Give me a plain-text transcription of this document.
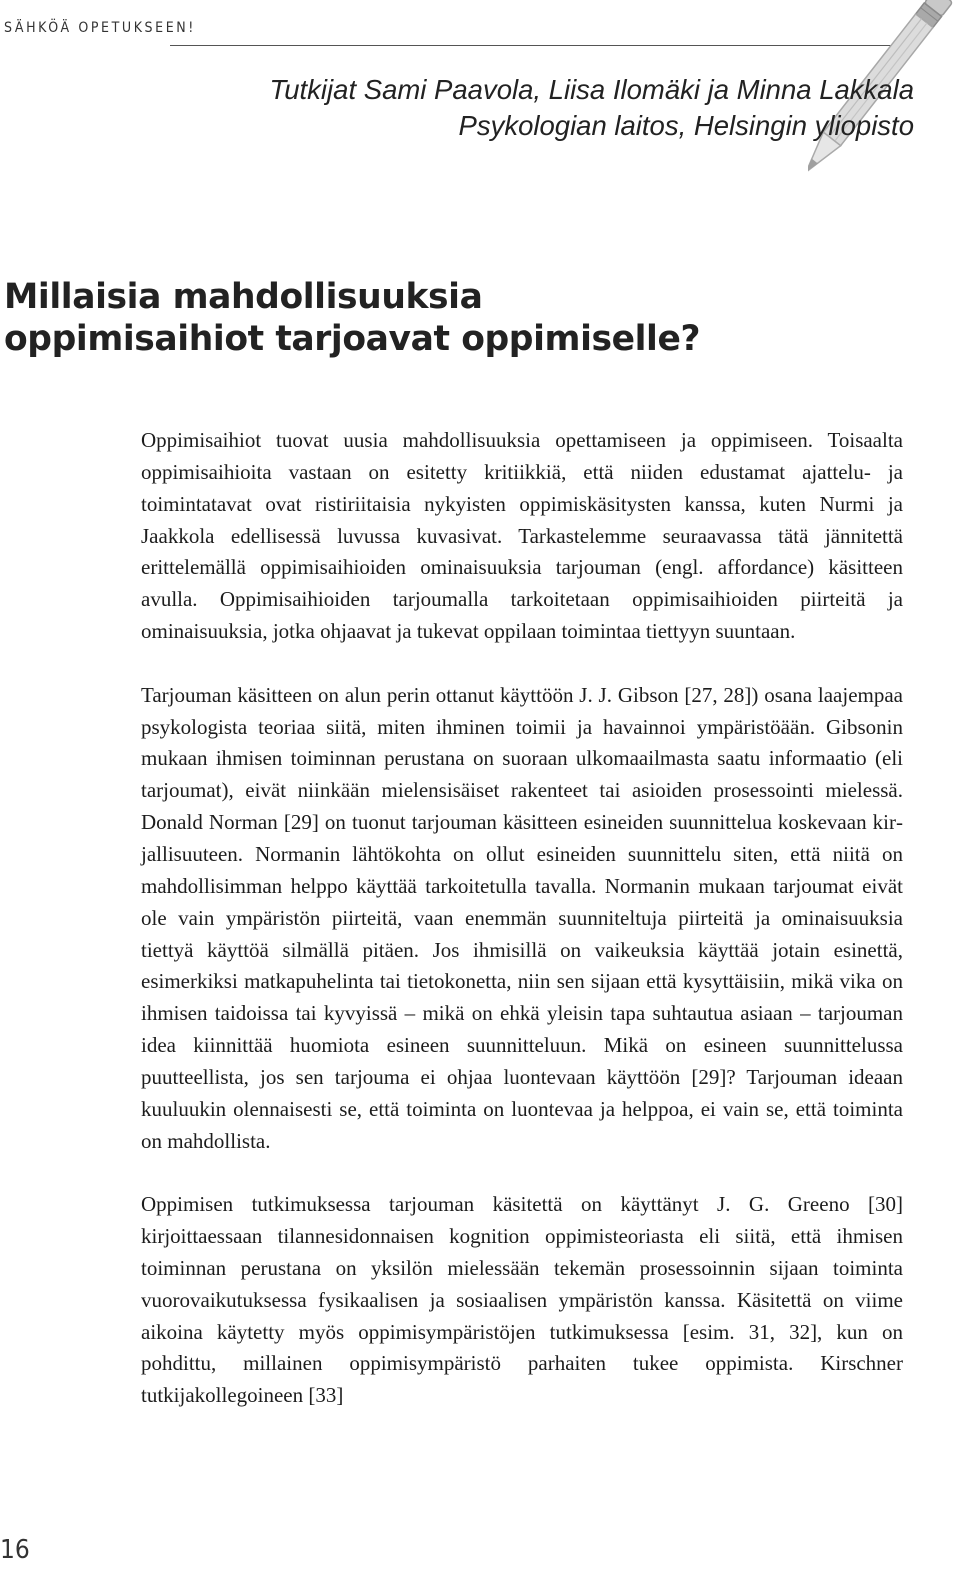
SÄHKÖÄ OPETUKSEEN!
Tutkijat Sami Paavola, Liisa Ilomäki ja Minna Lakkala
Psykologian laitos, Helsingin yliopisto
Millaisia mahdollisuuksia
oppimisaihiot tarjoavat oppimiselle?

Oppimisaihiot tuovat uusia mahdollisuuksia opettamiseen ja oppimiseen. Toisaalta oppimisaihioita vastaan on esitetty kritiikkiä, että niiden edustamat ajattelu- ja toimintatavat ovat ristiriitaisia nykyisten oppimiskäsitysten kanssa, kuten Nurmi ja Jaakkola edellisessä luvussa kuvasivat. Tarkastelemme seuraavassa tätä jännitettä erittelemällä oppimisaihioiden ominaisuuksia tarjouman (engl. affordance) käsitteen avulla. Oppimisaihioiden tarjoumalla tarkoitetaan oppimisaihioiden piirteitä ja ominaisuuksia, jotka ohjaavat ja tukevat oppilaan toimintaa tiettyyn suuntaan.

Tarjouman käsitteen on alun perin ottanut käyttöön J. J. Gibson [27, 28]) osana laajempaa psykologista teoriaa siitä, miten ihminen toimii ja havainnoi ympäristöään. Gibsonin mukaan ihmisen toiminnan perustana on suoraan ulkomaailmasta saatu informaatio (eli tarjoumat), eivät niinkään mielensisäiset rakenteet tai asioiden prosessointi mielessä. Donald Norman [29] on tuonut tarjouman käsitteen esineiden suunnittelua koskevaan kirjallisuuteen. Normanin lähtökohta on ollut esineiden suunnittelu siten, että niitä on mahdollisimman helppo käyttää tarkoitetulla tavalla. Normanin mukaan tarjoumat eivät ole vain ympäristön piirteitä, vaan enemmän suunniteltuja piirteitä ja ominaisuuksia tiettyä käyttöä silmällä pitäen. Jos ihmisillä on vaikeuksia käyttää jotain esinettä, esimerkiksi matkapuhelinta tai tietokonetta, niin sen sijaan että kysyttäisiin, mikä vika on ihmisen taidoissa tai kyvyissä – mikä on ehkä yleisin tapa suhtautua asiaan – tarjouman idea kiinnittää huomiota esineen suunnitteluun. Mikä on esineen suunnittelussa puutteellista, jos sen tarjouma ei ohjaa luontevaan käyttöön [29]? Tarjouman ideaan kuuluukin olennaisesti se, että toiminta on luontevaa ja helppoa, ei vain se, että toiminta on mahdollista.

Oppimisen tutkimuksessa tarjouman käsitettä on käyttänyt J. G. Greeno [30] kirjoittaessaan tilannesidonnaisen kognition oppimisteoriasta eli siitä, että ihmisen toiminnan perustana on yksilön mielessään tekemän prosessoinnin sijaan toiminta vuorovaikutuksessa fysikaalisen ja sosiaalisen ympäristön kanssa. Käsitettä on viime aikoina käytetty myös oppimisympäristöjen tutkimuksessa [esim. 31, 32], kun on pohdittu, millainen oppimisympäristö parhaiten tukee oppimista. Kirschner tutkijakollegoineen [33]

16
